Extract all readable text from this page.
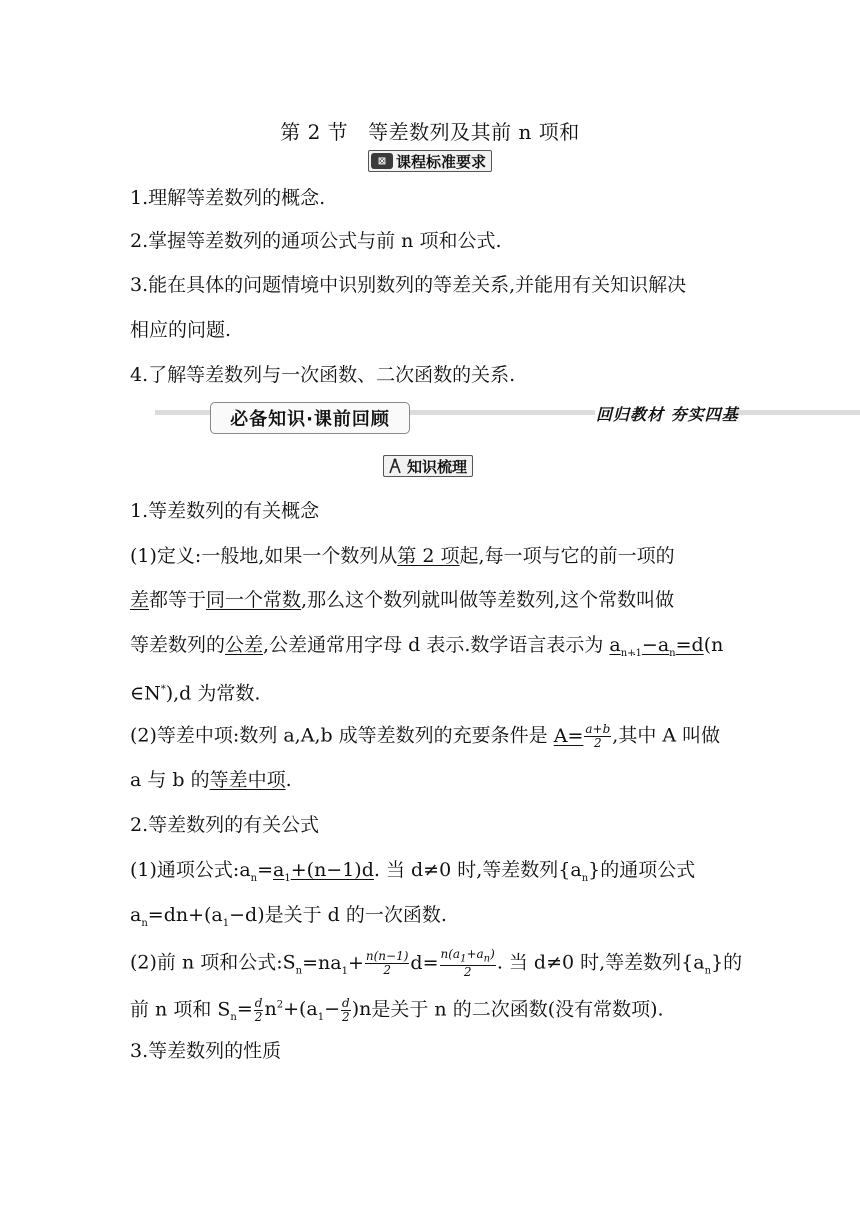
第 2 节 等差数列及其前 n 项和
⊠ 课程标准要求
1.理解等差数列的概念.
2.掌握等差数列的通项公式与前 n 项和公式.
3.能在具体的问题情境中识别数列的等差关系,并能用有关知识解决
相应的问题.
4.了解等差数列与一次函数、二次函数的关系.
必备知识·课前回顾	回归教材 夯实四基
知识梳理
1.等差数列的有关概念
(1)定义:一般地,如果一个数列从第 2 项起,每一项与它的前一项的
差都等于同一个常数,那么这个数列就叫做等差数列,这个常数叫做
等差数列的公差,公差通常用字母 d 表示.数学语言表示为 $a_{n+1}-a_n=d(n$
∈N*),d 为常数.
(2)等差中项:数列 a,A,b 成等差数列的充要条件是 $A= \frac{a+b}{2}$ ,其中 A 叫做
a 与 b 的等差中项.
2.等差数列的有关公式
(1)通项公式$:a_n=a_1+(n-1)d$. 当 d≠0 时,等差数列$\{a_n\}$的通项公式
$a_n=dn+(a_1-d)$是关于 d 的一次函数.
(2)前 n 项和公式$:S_n=na_1+ \frac{n(n-1)}{2} d= \frac{n(a_1+a_n)}{2}$ . 当 d≠0 时,等差数列$\{a_n\}$的
前 n 项和 $S_n= \frac{d}{2} n^2+(a_1- \frac{d}{2} )n$是关于 n 的二次函数(没有常数项).
3.等差数列的性质
